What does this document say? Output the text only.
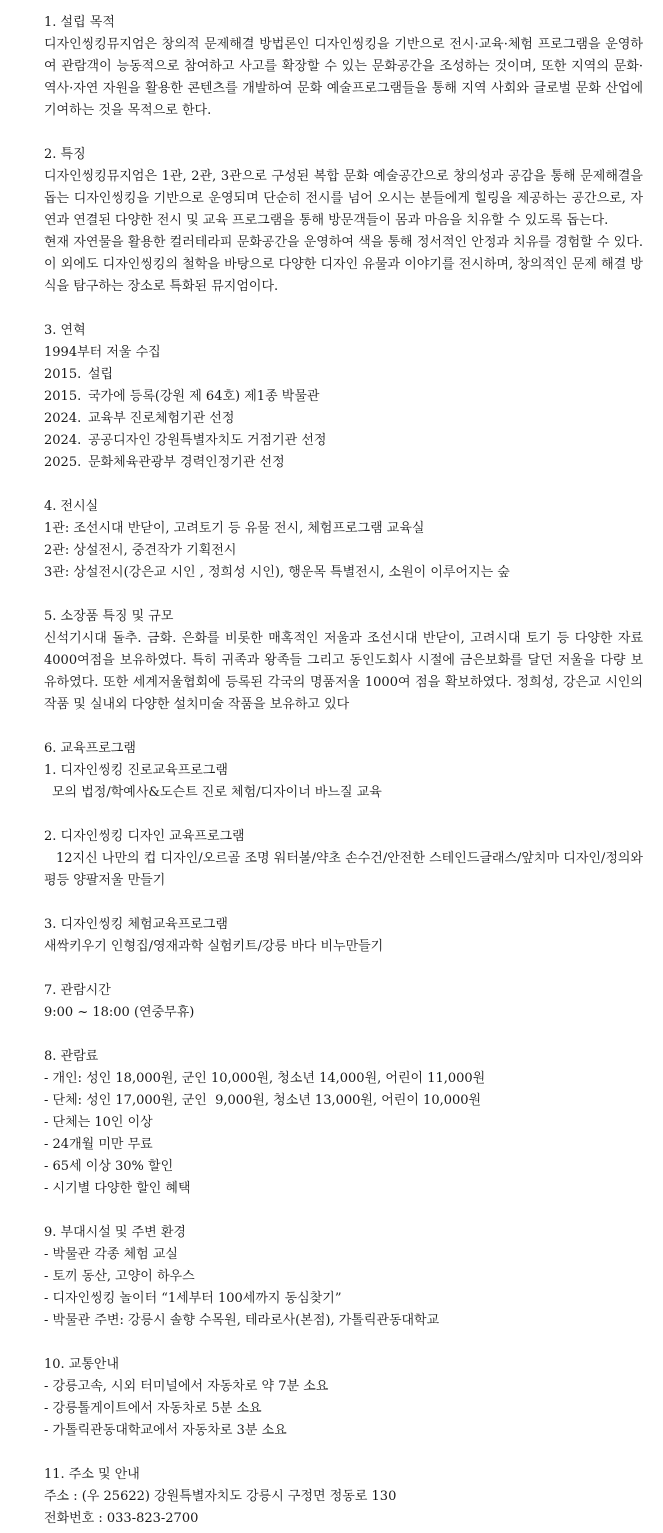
1. 설립 목적

디자인씽킹뮤지엄은 창의적 문제해결 방법론인 디자인씽킹을 기반으로 전시·교육·체험 프로그램을 운영하여 관람객이 능동적으로 참여하고 사고를 확장할 수 있는 문화공간을 조성하는 것이며, 또한 지역의 문화·역사·자연 자원을 활용한 콘텐츠를 개발하여 문화 예술프로그램들을 통해 지역 사회와 글로벌 문화 산업에 기여하는 것을 목적으로 한다.

2. 특징

디자인씽킹뮤지엄은 1관, 2관, 3관으로 구성된 복합 문화 예술공간으로 창의성과 공감을 통해 문제해결을 돕는 디자인씽킹을 기반으로 운영되며 단순히 전시를 넘어 오시는 분들에게 힐링을 제공하는 공간으로, 자연과 연결된 다양한 전시 및 교육 프로그램을 통해 방문객들이 몸과 마음을 치유할 수 있도록 돕는다.

현재 자연물을 활용한 컬러테라피 문화공간을 운영하여 색을 통해 정서적인 안정과 치유를 경험할 수 있다. 이 외에도 디자인씽킹의 철학을 바탕으로 다양한 디자인 유물과 이야기를 전시하며, 창의적인 문제 해결 방식을 탐구하는 장소로 특화된 뮤지엄이다.

3. 연혁
1994부터 저울 수집
2015. 설립
2015. 국가에 등록(강원 제 64호) 제1종 박물관
2024. 교육부 진로체험기관 선정
2024. 공공디자인 강원특별자치도 거점기관 선정
2025. 문화체육관광부 경력인정기관 선정
4. 전시실
1관: 조선시대 반닫이, 고려토기 등 유물 전시, 체험프로그램 교육실
2관: 상설전시, 중견작가 기획전시
3관: 상설전시(강은교 시인 , 정희성 시인), 행운목 특별전시, 소원이 이루어지는 숲
5. 소장품 특징 및 규모

신석기시대 돌추. 금화. 은화를 비롯한 매혹적인 저울과 조선시대 반닫이, 고려시대 토기 등 다양한 자료 4000여점을 보유하였다. 특히 귀족과 왕족들 그리고 동인도회사 시절에 금은보화를 달던 저울을 다량 보유하였다. 또한 세계저울협회에 등록된 각국의 명품저울 1000여 점을 확보하였다. 정희성, 강은교 시인의 작품 및 실내외 다양한 설치미술 작품을 보유하고 있다

6. 교육프로그램
1. 디자인씽킹 진로교육프로그램
모의 법정/학예사&도슨트 진로 체험/디자이너 바느질 교육
2. 디자인씽킹 디자인 교육프로그램
12지신 나만의 컵 디자인/오르골 조명 워터볼/약초 손수건/안전한 스테인드글래스/앞치마 디자인/정의와 평등 양팔저울 만들기
3. 디자인씽킹 체험교육프로그램
새싹키우기 인형집/영재과학 실험키트/강릉 바다 비누만들기
7. 관람시간
9:00 ~ 18:00 (연중무휴)
8. 관람료
- 개인: 성인 18,000원, 군인 10,000원, 청소년 14,000원, 어린이 11,000원
- 단체: 성인 17,000원, 군인  9,000원, 청소년 13,000원, 어린이 10,000원
- 단체는 10인 이상
- 24개월 미만 무료
- 65세 이상 30% 할인
- 시기별 다양한 할인 혜택
9. 부대시설 및 주변 환경
- 박물관 각종 체험 교실
- 토끼 동산, 고양이 하우스
- 디자인씽킹 놀이터 “1세부터 100세까지 동심찾기”
- 박물관 주변: 강릉시 솔향 수목원, 테라로사(본점), 가톨릭관동대학교
10. 교통안내
- 강릉고속, 시외 터미널에서 자동차로 약 7분 소요
- 강릉톨게이트에서 자동차로 5분 소요
- 가톨릭관동대학교에서 자동차로 3분 소요
11. 주소 및 안내
주소 : (우 25622) 강원특별자치도 강릉시 구정면 정동로 130
전화번호 : 033-823-2700
